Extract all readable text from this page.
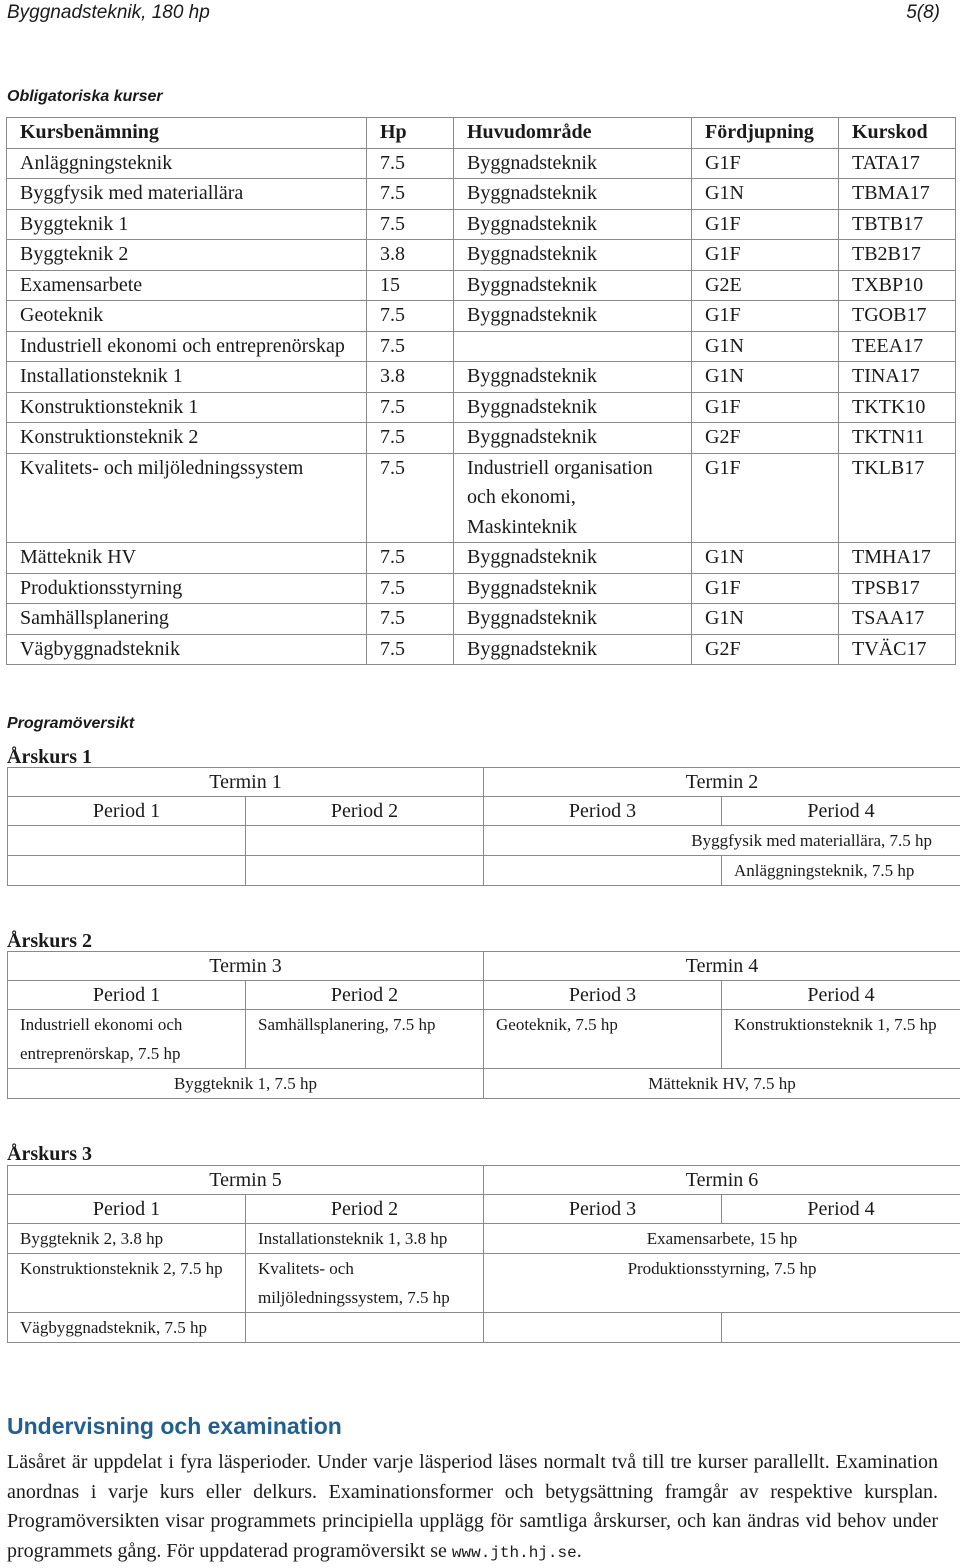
Byggnadsteknik, 180 hp	5(8)
Obligatoriska kurser
Kursbenämning	Hp	Huvudområde	Fördjupning	Kurskod
Anläggningsteknik	7.5	Byggnadsteknik	G1F	TATA17
Byggfysik med materiallära	7.5	Byggnadsteknik	G1N	TBMA17
Byggteknik 1	7.5	Byggnadsteknik	G1F	TBTB17
Byggteknik 2	3.8	Byggnadsteknik	G1F	TB2B17
Examensarbete	15	Byggnadsteknik	G2E	TXBP10
Geoteknik	7.5	Byggnadsteknik	G1F	TGOB17
Industriell ekonomi och entreprenörskap	7.5		G1N	TEEA17
Installationsteknik 1	3.8	Byggnadsteknik	G1N	TINA17
Konstruktionsteknik 1	7.5	Byggnadsteknik	G1F	TKTK10
Konstruktionsteknik 2	7.5	Byggnadsteknik	G2F	TKTN11
Kvalitets- och miljöledningssystem	7.5	Industriell organisation och ekonomi, Maskinteknik	G1F	TKLB17
Mätteknik HV	7.5	Byggnadsteknik	G1N	TMHA17
Produktionsstyrning	7.5	Byggnadsteknik	G1F	TPSB17
Samhällsplanering	7.5	Byggnadsteknik	G1N	TSAA17
Vägbyggnadsteknik	7.5	Byggnadsteknik	G2F	TVÄC17
Programöversikt
Årskurs 1
Termin 1		Termin 2	
Period 1	Period 2	Period 3	Period 4
		Byggfysik med materiallära, 7.5 hp	
			Anläggningsteknik, 7.5 hp
Årskurs 2
Termin 3		Termin 4	
Period 1	Period 2	Period 3	Period 4
Industriell ekonomi och entreprenörskap, 7.5 hp	Samhällsplanering, 7.5 hp	Geoteknik, 7.5 hp	Konstruktionsteknik 1, 7.5 hp
Byggteknik 1, 7.5 hp		Mätteknik HV, 7.5 hp	
Årskurs 3
Termin 5		Termin 6	
Period 1	Period 2	Period 3	Period 4
Byggteknik 2, 3.8 hp	Installationsteknik 1, 3.8 hp	Examensarbete, 15 hp	
Konstruktionsteknik 2, 7.5 hp	Kvalitets- och miljöledningssystem, 7.5 hp	Produktionsstyrning, 7.5 hp	
Vägbyggnadsteknik, 7.5 hp			
Undervisning och examination
Läsåret är uppdelat i fyra läsperioder. Under varje läsperiod läses normalt två till tre kurser parallellt. Examination anordnas i varje kurs eller delkurs. Examinationsformer och betygsättning framgår av respektive kursplan. Programöversikten visar programmets principiella upplägg för samtliga årskurser, och kan ändras vid behov under programmets gång. För uppdaterad programöversikt se www.jth.hj.se.
